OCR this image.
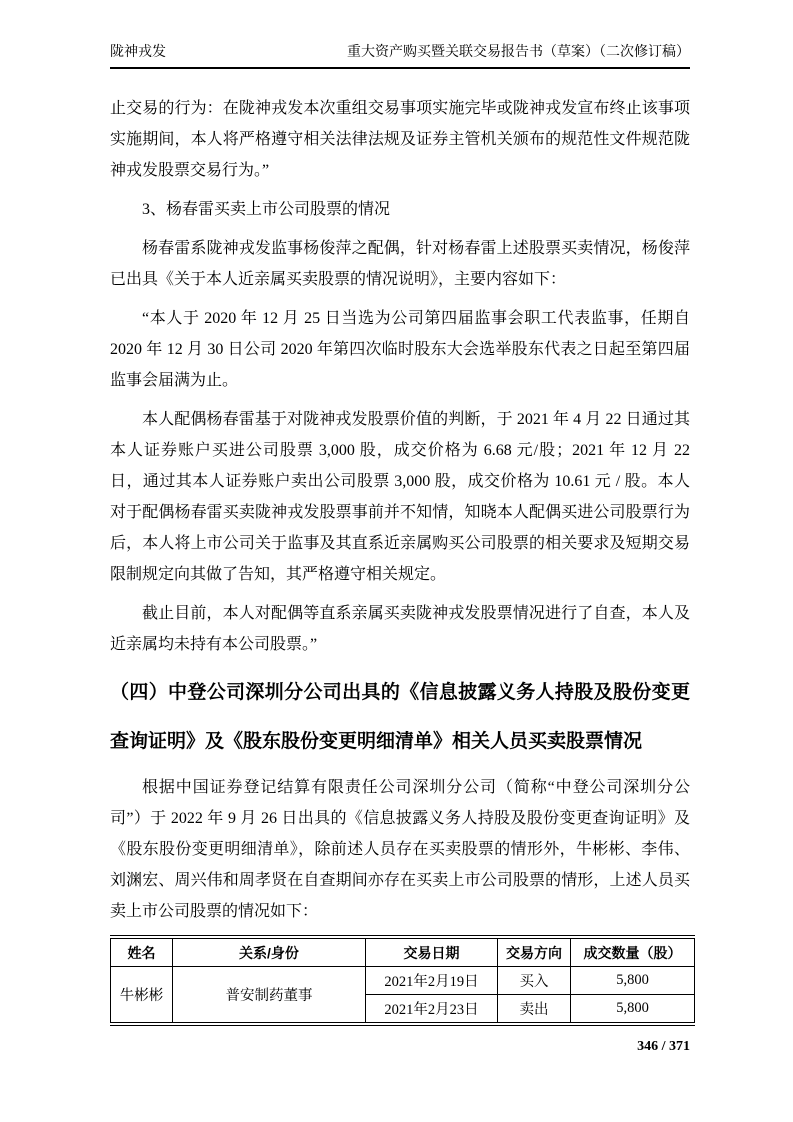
陇神戎发	重大资产购买暨关联交易报告书（草案）（二次修订稿）

止交易的行为：在陇神戎发本次重组交易事项实施完毕或陇神戎发宣布终止该事项实施期间，本人将严格遵守相关法律法规及证券主管机关颁布的规范性文件规范陇神戎发股票交易行为。”

3、杨春雷买卖上市公司股票的情况

杨春雷系陇神戎发监事杨俊萍之配偶，针对杨春雷上述股票买卖情况，杨俊萍已出具《关于本人近亲属买卖股票的情况说明》，主要内容如下：

“本人于 2020 年 12 月 25 日当选为公司第四届监事会职工代表监事，任期自 2020 年 12 月 30 日公司 2020 年第四次临时股东大会选举股东代表之日起至第四届监事会届满为止。

本人配偶杨春雷基于对陇神戎发股票价值的判断，于 2021 年 4 月 22 日通过其本人证券账户买进公司股票 3,000 股，成交价格为 6.68 元/股；2021 年 12 月 22 日，通过其本人证券账户卖出公司股票 3,000 股，成交价格为 10.61 元 / 股。本人对于配偶杨春雷买卖陇神戎发股票事前并不知情，知晓本人配偶买进公司股票行为后，本人将上市公司关于监事及其直系近亲属购买公司股票的相关要求及短期交易限制规定向其做了告知，其严格遵守相关规定。

截止目前，本人对配偶等直系亲属买卖陇神戎发股票情况进行了自查，本人及近亲属均未持有本公司股票。”

（四）中登公司深圳分公司出具的《信息披露义务人持股及股份变更查询证明》及《股东股份变更明细清单》相关人员买卖股票情况

根据中国证券登记结算有限责任公司深圳分公司（简称“中登公司深圳分公司”）于 2022 年 9 月 26 日出具的《信息披露义务人持股及股份变更查询证明》及《股东股份变更明细清单》，除前述人员存在买卖股票的情形外，牛彬彬、李伟、刘渊宏、周兴伟和周孝贤在自查期间亦存在买卖上市公司股票的情形，上述人员买卖上市公司股票的情况如下：

姓名	关系/身份	交易日期	交易方向	成交数量（股）
牛彬彬	普安制药董事	2021年2月19日	买入	5,800
		2021年2月23日	卖出	5,800
346 / 371
